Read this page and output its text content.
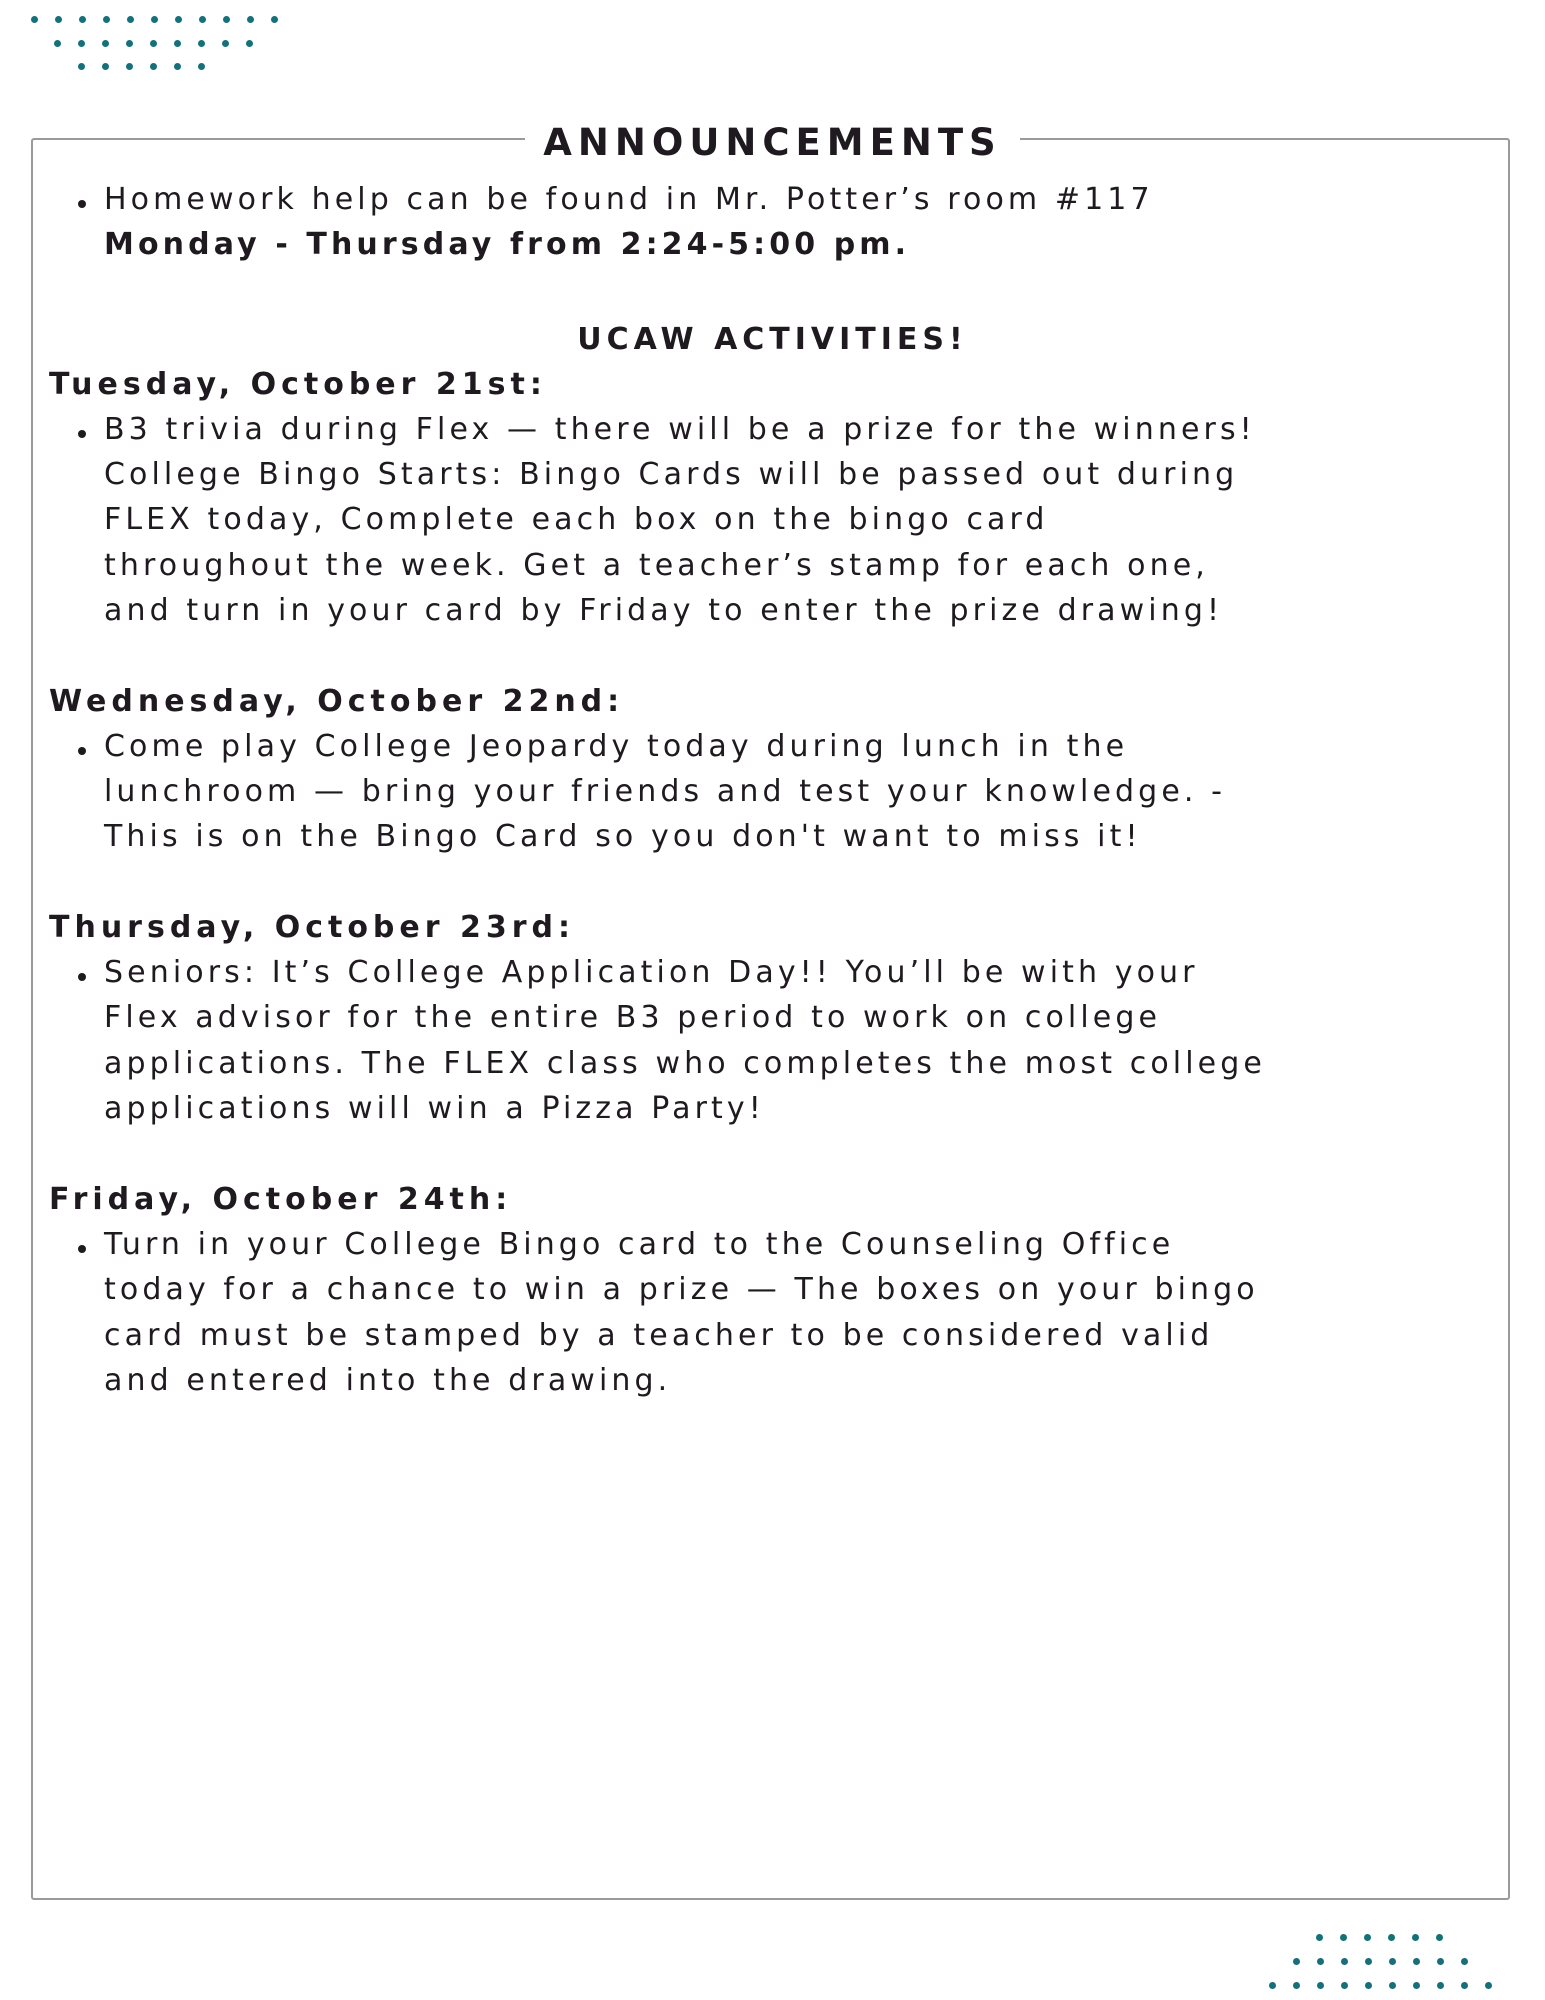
ANNOUNCEMENTS
Homework help can be found in Mr. Potter’s room #117
Monday - Thursday from 2:24-5:00 pm.
UCAW ACTIVITIES!
Tuesday, October 21st:
B3 trivia during Flex — there will be a prize for the winners!
College Bingo Starts: Bingo Cards will be passed out during
FLEX today, Complete each box on the bingo card
throughout the week. Get a teacher’s stamp for each one,
and turn in your card by Friday to enter the prize drawing!
Wednesday, October 22nd:
Come play College Jeopardy today during lunch in the
lunchroom — bring your friends and test your knowledge. -
This is on the Bingo Card so you don't want to miss it!
Thursday, October 23rd:
Seniors: It’s College Application Day!! You’ll be with your
Flex advisor for the entire B3 period to work on college
applications. The FLEX class who completes the most college
applications will win a Pizza Party!
Friday, October 24th:
Turn in your College Bingo card to the Counseling Office
today for a chance to win a prize — The boxes on your bingo
card must be stamped by a teacher to be considered valid
and entered into the drawing.
